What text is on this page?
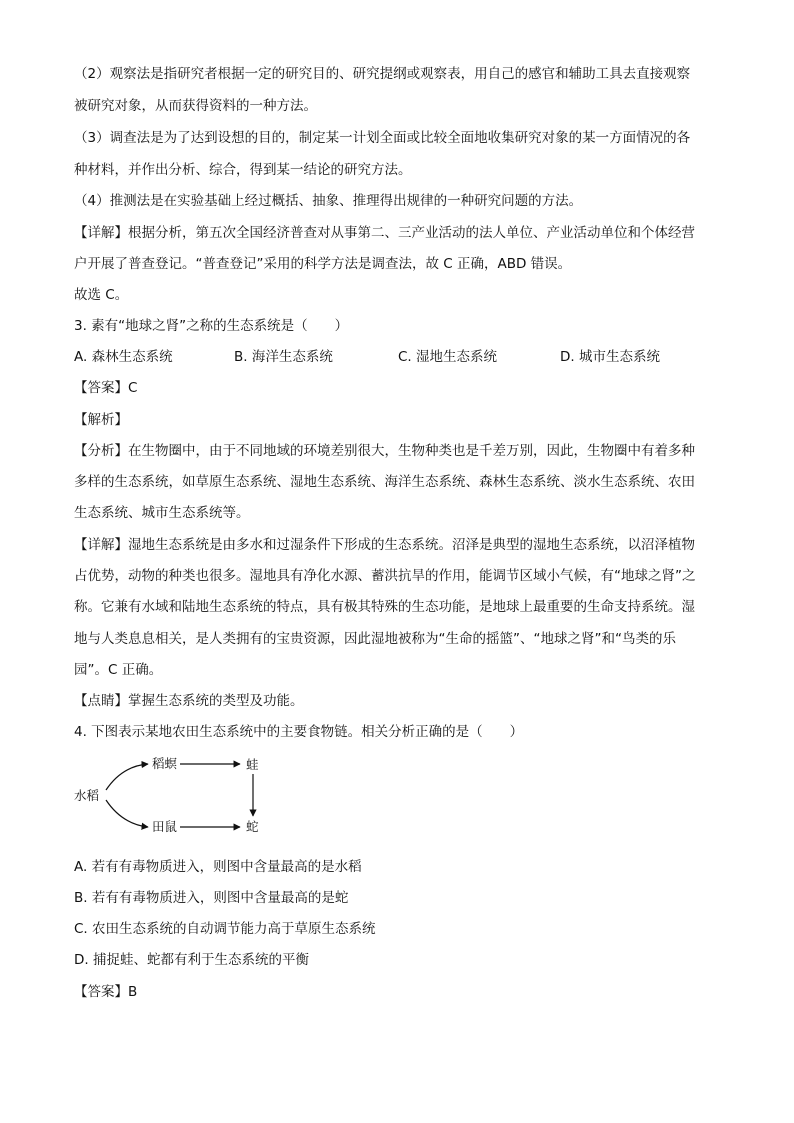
（2）观察法是指研究者根据一定的研究目的、研究提纲或观察表，用自己的感官和辅助工具去直接观察
被研究对象，从而获得资料的一种方法。
（3）调查法是为了达到设想的目的，制定某一计划全面或比较全面地收集研究对象的某一方面情况的各
种材料，并作出分析、综合，得到某一结论的研究方法。
（4）推测法是在实验基础上经过概括、抽象、推理得出规律的一种研究问题的方法。
【详解】根据分析，第五次全国经济普查对从事第二、三产业活动的法人单位、产业活动单位和个体经营
户开展了普查登记。“普查登记”采用的科学方法是调查法，故 C 正确，ABD 错误。
故选 C。
3. 素有“地球之肾”之称的生态系统是（　　）
A. 森林生态系统	B. 海洋生态系统	C. 湿地生态系统	D. 城市生态系统
【答案】C
【解析】
【分析】在生物圈中，由于不同地域的环境差别很大，生物种类也是千差万别，因此，生物圈中有着多种
多样的生态系统，如草原生态系统、湿地生态系统、海洋生态系统、森林生态系统、淡水生态系统、农田
生态系统、城市生态系统等。
【详解】湿地生态系统是由多水和过湿条件下形成的生态系统。沼泽是典型的湿地生态系统，以沼泽植物
占优势，动物的种类也很多。湿地具有净化水源、蓄洪抗旱的作用，能调节区域小气候，有“地球之肾”之
称。它兼有水域和陆地生态系统的特点，具有极其特殊的生态功能，是地球上最重要的生命支持系统。湿
地与人类息息相关，是人类拥有的宝贵资源，因此湿地被称为“生命的摇篮”、“地球之肾”和“鸟类的乐
园”。C 正确。
【点睛】掌握生态系统的类型及功能。
4. 下图表示某地农田生态系统中的主要食物链。相关分析正确的是（　　）
水稻
稻螟	蛙
田鼠	蛇
A. 若有有毒物质进入，则图中含量最高的是水稻
B. 若有有毒物质进入，则图中含量最高的是蛇
C. 农田生态系统的自动调节能力高于草原生态系统
D. 捕捉蛙、蛇都有利于生态系统的平衡
【答案】B
